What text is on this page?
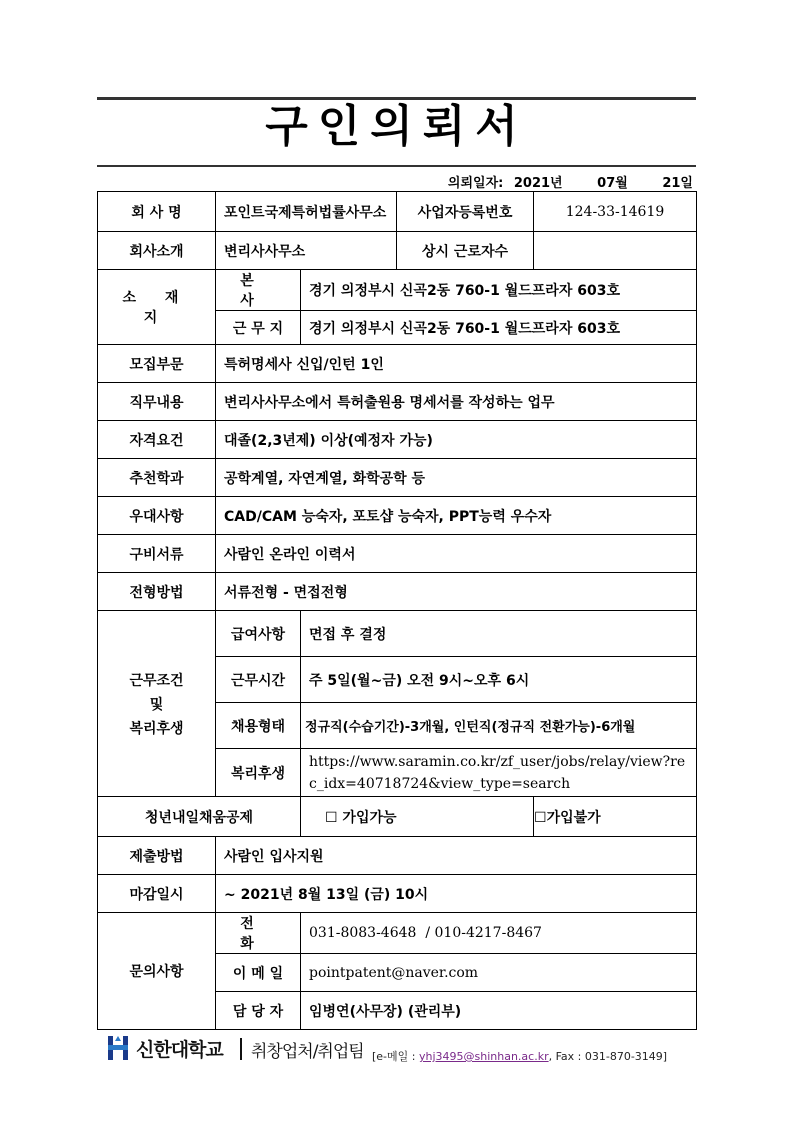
구인의뢰서
의뢰일자: 2021년	07월	21일
회 사 명	포인트국제특허법률사무소		사업자등록번호	124-33-14619
회사소개	변리사사무소		상시 근로자수	
소 재 지	본 사	경기 의정부시 신곡2동 760-1 월드프라자 603호		
	근 무 지	경기 의정부시 신곡2동 760-1 월드프라자 603호		
모집부문	특허명세사 신입/인턴 1인			
직무내용	변리사사무소에서 특허출원용 명세서를 작성하는 업무			
자격요건	대졸(2,3년제) 이상(예정자 가능)			
추천학과	공학계열, 자연계열, 화학공학 등			
우대사항	CAD/CAM 능숙자, 포토샵 능숙자, PPT능력 우수자			
구비서류	사람인 온라인 이력서			
전형방법	서류전형 - 면접전형			

근무조건
및
복리후생	급여사항	면접 후 결정		
	근무시간	주 5일(월~금) 오전 9시~오후 6시		
	채용형태	정규직(수습기간)-3개월, 인턴직(정규직 전환가능)-6개월		
	복리후생	https://www.saramin.co.kr/zf_user/jobs/relay/view?rec_idx=40718724&view_type=search		
청년내일채움공제		☐ 가입가능		☐가입불가
제출방법	사람인 입사지원			
마감일시	~ 2021년 8월 13일 (금) 10시			
문의사항	전 화	031-8083-4648  / 010-4217-8467		
	이 메 일	pointpatent@naver.com		
	담 당 자	임병연(사무장) (관리부)		
신한대학교 취창업처/취업팀 [e-메일 : yhj3495@shinhan.ac.kr, Fax : 031-870-3149]
